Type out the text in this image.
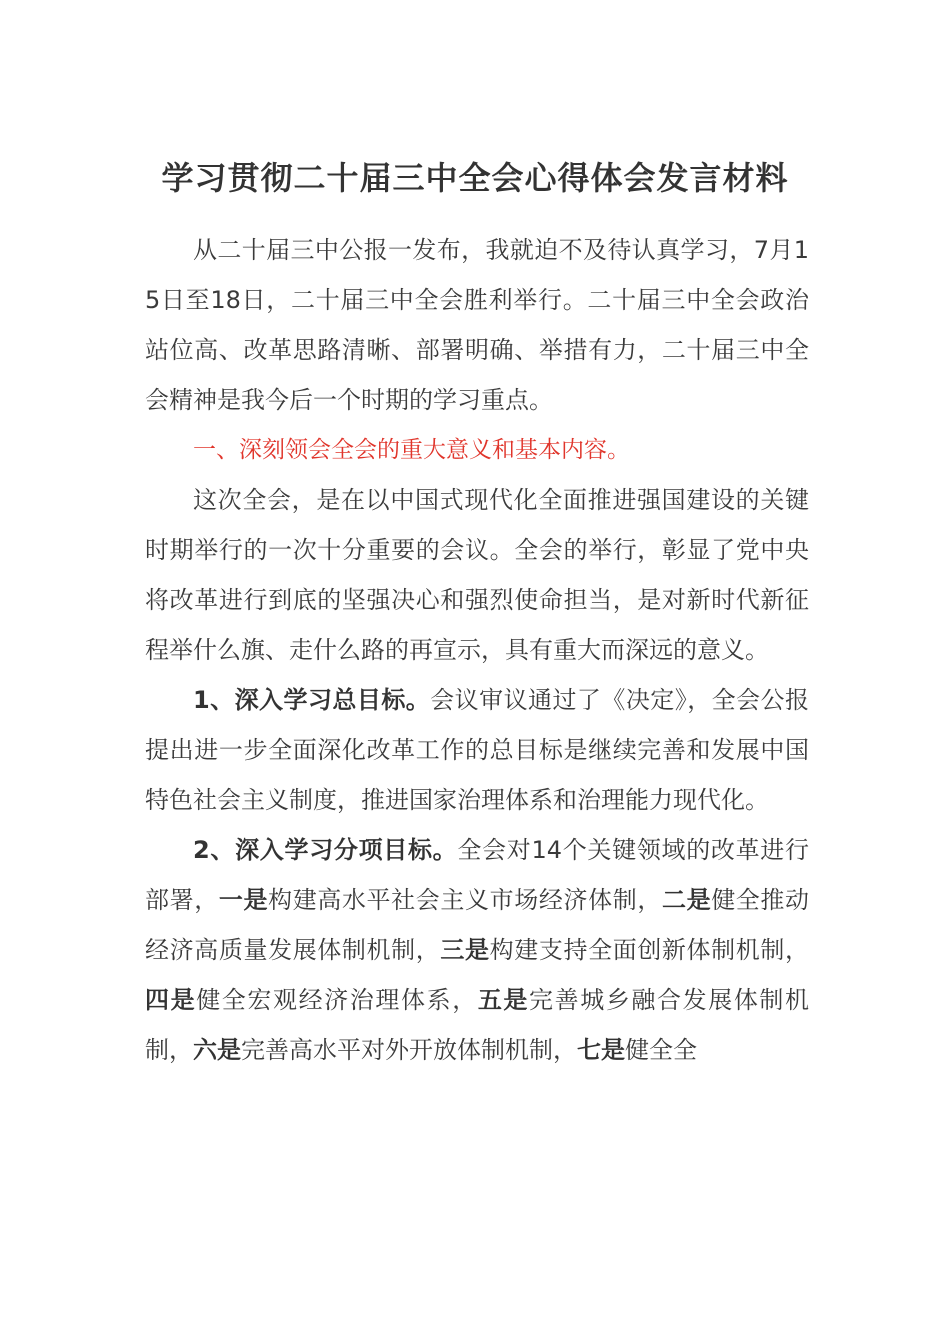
学习贯彻二十届三中全会心得体会发言材料

从二十届三中公报一发布，我就迫不及待认真学习，7月15日至18日，二十届三中全会胜利举行。二十届三中全会政治站位高、改革思路清晰、部署明确、举措有力，二十届三中全会精神是我今后一个时期的学习重点。

一、深刻领会全会的重大意义和基本内容。

这次全会，是在以中国式现代化全面推进强国建设的关键时期举行的一次十分重要的会议。全会的举行，彰显了党中央将改革进行到底的坚强决心和强烈使命担当，是对新时代新征程举什么旗、走什么路的再宣示，具有重大而深远的意义。

1、深入学习总目标。会议审议通过了《决定》，全会公报提出进一步全面深化改革工作的总目标是继续完善和发展中国特色社会主义制度，推进国家治理体系和治理能力现代化。

2、深入学习分项目标。全会对14个关键领域的改革进行部署，一是构建高水平社会主义市场经济体制，二是健全推动经济高质量发展体制机制，三是构建支持全面创新体制机制，四是健全宏观经济治理体系，五是完善城乡融合发展体制机制，六是完善高水平对外开放体制机制，七是健全全
